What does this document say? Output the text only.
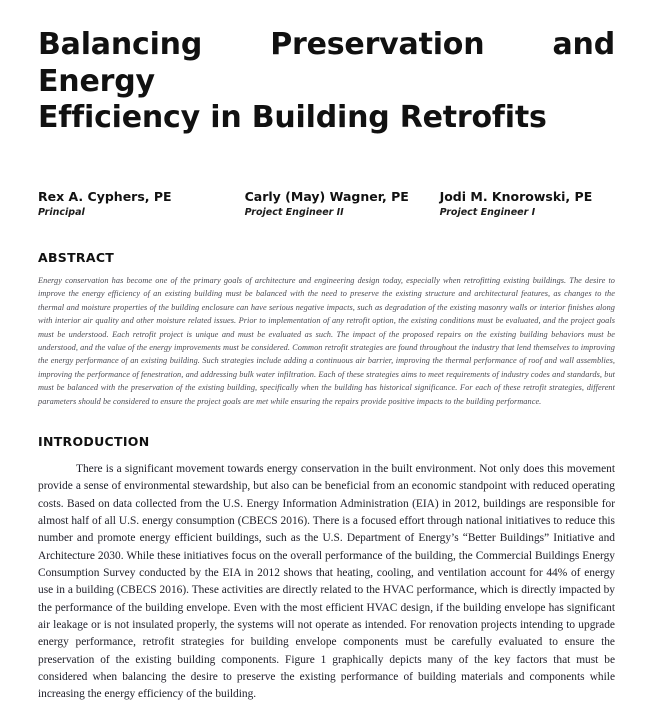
Balancing Preservation and Energy
Efficiency in Building Retrofits
Rex A. Cyphers, PE
Principal
Carly (May) Wagner, PE
Project Engineer II
Jodi M. Knorowski, PE
Project Engineer I
ABSTRACT

Energy conservation has become one of the primary goals of architecture and engineering design today, especially when retrofitting existing buildings. The desire to improve the energy efficiency of an existing building must be balanced with the need to preserve the existing structure and architectural features, as changes to the thermal and moisture properties of the building enclosure can have serious negative impacts, such as degradation of the existing masonry walls or interior finishes along with interior air quality and other moisture related issues. Prior to implementation of any retrofit option, the existing conditions must be evaluated, and the project goals must be understood. Each retrofit project is unique and must be evaluated as such. The impact of the proposed repairs on the existing building behaviors must be understood, and the value of the energy improvements must be considered. Common retrofit strategies are found throughout the industry that lend themselves to improving the energy performance of an existing building. Such strategies include adding a continuous air barrier, improving the thermal performance of roof and wall assemblies, improving the performance of fenestration, and addressing bulk water infiltration. Each of these strategies aims to meet requirements of industry codes and standards, but must be balanced with the preservation of the existing building, specifically when the building has historical significance. For each of these retrofit strategies, different parameters should be considered to ensure the project goals are met while ensuring the repairs provide positive impacts to the building performance.

INTRODUCTION

There is a significant movement towards energy conservation in the built environment. Not only does this movement provide a sense of environmental stewardship, but also can be beneficial from an economic standpoint with reduced operating costs. Based on data collected from the U.S. Energy Information Administration (EIA) in 2012, buildings are responsible for almost half of all U.S. energy consumption (CBECS 2016). There is a focused effort through national initiatives to reduce this number and promote energy efficient buildings, such as the U.S. Department of Energy’s “Better Buildings” Initiative and Architecture 2030. While these initiatives focus on the overall performance of the building, the Commercial Buildings Energy Consumption Survey conducted by the EIA in 2012 shows that heating, cooling, and ventilation account for 44% of energy use in a building (CBECS 2016). These activities are directly related to the HVAC performance, which is directly impacted by the performance of the building envelope. Even with the most efficient HVAC design, if the building envelope has significant air leakage or is not insulated properly, the systems will not operate as intended. For renovation projects intending to upgrade energy performance, retrofit strategies for building envelope components must be carefully evaluated to ensure the preservation of the existing building components. Figure 1 graphically depicts many of the key factors that must be considered when balancing the desire to preserve the existing performance of building materials and components while increasing the energy efficiency of the building.
